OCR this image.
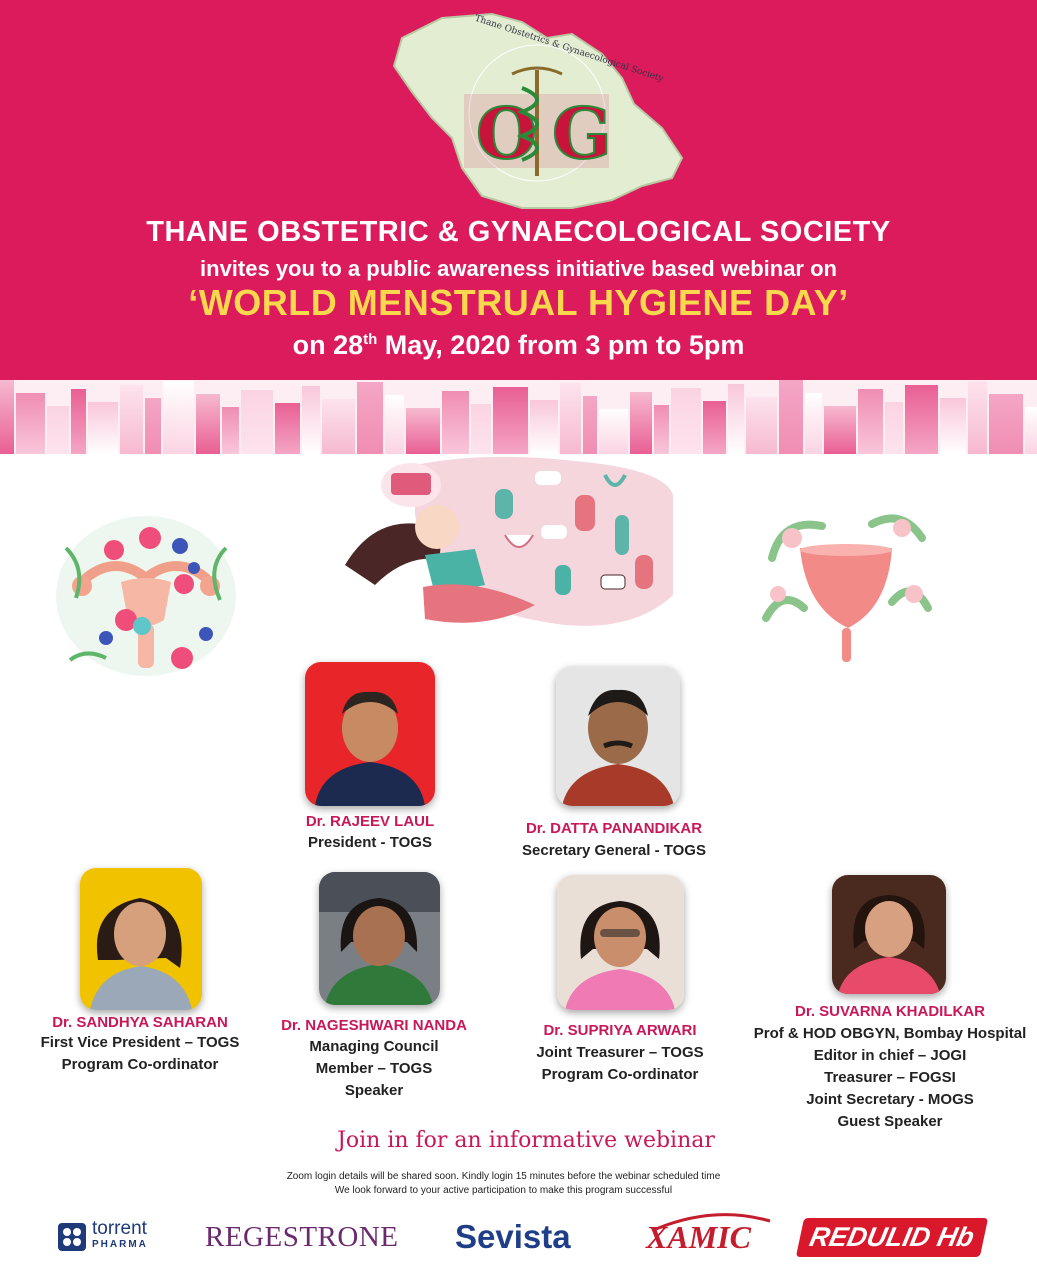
O G
Thane Obstetrics & Gynaecological Society
THANE OBSTETRIC & GYNAECOLOGICAL SOCIETY
invites you to a public awareness initiative based webinar on
‘WORLD MENSTRUAL HYGIENE DAY’
on 28th May, 2020 from 3 pm to 5pm
Dr. RAJEEV LAUL
President - TOGS
Dr. DATTA PANANDIKAR
Secretary General - TOGS
Dr. SANDHYA SAHARAN
First Vice President – TOGS
Program Co-ordinator
Dr. NAGESHWARI NANDA
Managing Council
Member – TOGS
Speaker
Dr. SUPRIYA ARWARI
Joint Treasurer – TOGS
Program Co-ordinator
Dr. SUVARNA KHADILKAR
Prof & HOD OBGYN, Bombay Hospital
Editor in chief – JOGI
Treasurer – FOGSI
Joint Secretary - MOGS
Guest Speaker
Join in for an informative webinar
Zoom login details will be shared soon. Kindly login 15 minutes before the webinar scheduled time
We look forward to your active participation to make this program successful
torrent
PHARMA REGESTRONE Sevista XAMIC	REDULID Hb
